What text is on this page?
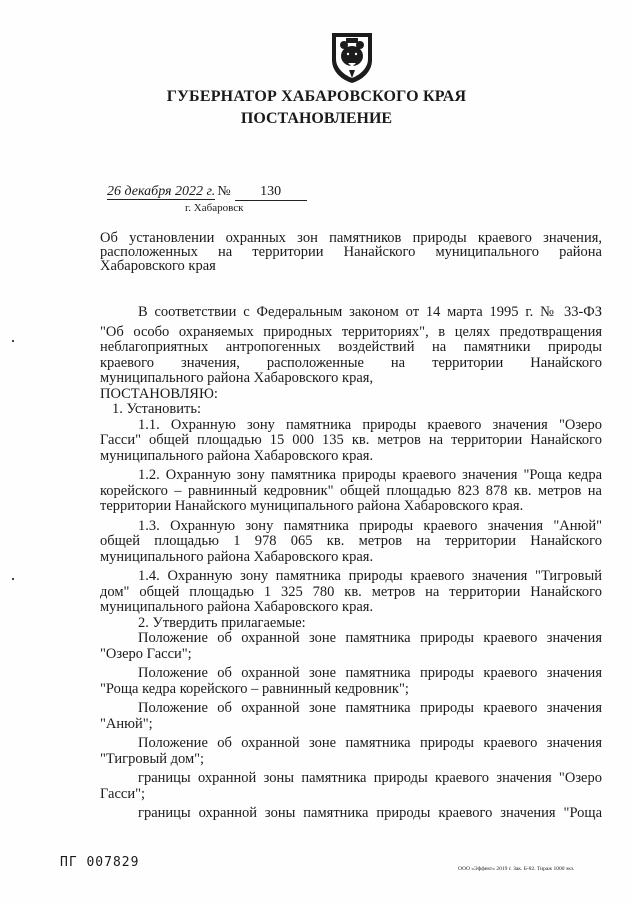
ГУБЕРНАТОР ХАБАРОВСКОГО КРАЯ
ПОСТАНОВЛЕНИЕ
26 декабря 2022 г. № 130
г. Хабаровск
Об установлении охранных зон памятников природы краевого значения,
расположенных на территории Нанайского муниципального района
Хабаровского края
В соответствии с Федеральным законом от 14 марта 1995 г. № 33-ФЗ
"Об особо охраняемых природных территориях", в целях предотвращения
неблагоприятных антропогенных воздействий на памятники природы
краевого значения, расположенные на территории Нанайского
муниципального района Хабаровского края,
ПОСТАНОВЛЯЮ:
1. Установить:
1.1. Охранную зону памятника природы краевого значения "Озеро
Гасси" общей площадью 15 000 135 кв. метров на территории Нанайского
муниципального района Хабаровского края.
1.2. Охранную зону памятника природы краевого значения "Роща кедра
корейского – равнинный кедровник" общей площадью 823 878 кв. метров на
территории Нанайского муниципального района Хабаровского края.
1.3. Охранную зону памятника природы краевого значения "Анюй"
общей площадью 1 978 065 кв. метров на территории Нанайского
муниципального района Хабаровского края.
1.4. Охранную зону памятника природы краевого значения "Тигровый
дом" общей площадью 1 325 780 кв. метров на территории Нанайского
муниципального района Хабаровского края.
2. Утвердить прилагаемые:
Положение об охранной зоне памятника природы краевого значения
"Озеро Гасси";
Положение об охранной зоне памятника природы краевого значения
"Роща кедра корейского – равнинный кедровник";
Положение об охранной зоне памятника природы краевого значения
"Анюй";
Положение об охранной зоне памятника природы краевого значения
"Тигровый дом";
границы охранной зоны памятника природы краевого значения "Озеро
Гасси";
границы охранной зоны памятника природы краевого значения "Роща
ПГ 007829	ООО «Эффект» 2019 г. Зак. Б-82. Тираж 1000 экз.
